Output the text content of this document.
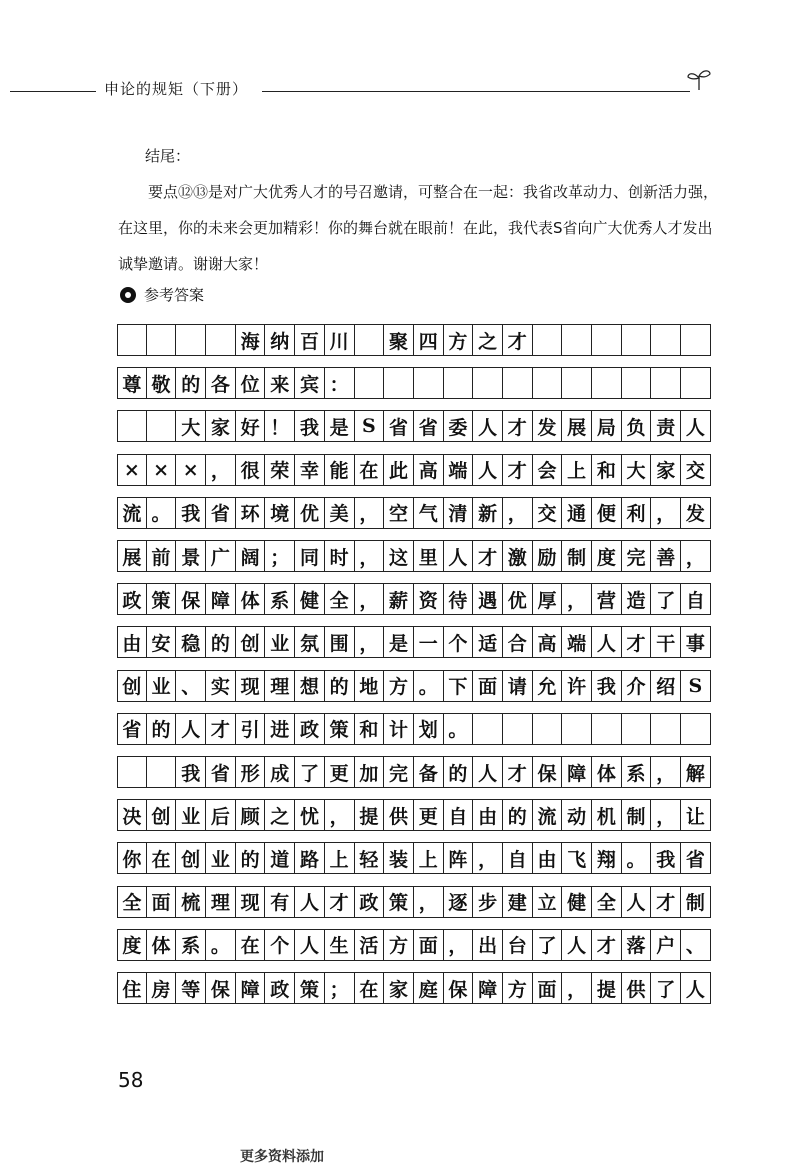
申论的规矩（下册）
结尾：
要点⑫⑬是对广大优秀人才的号召邀请，可整合在一起：我省改革动力、创新活力强，在这里，你的未来会更加精彩！你的舞台就在眼前！在此，我代表S省向广大优秀人才发出诚挚邀请。谢谢大家！
参考答案
海 纳 百 川	聚 四 方 之 才
尊 敬 的 各 位 来 宾 ：
大 家 好 ！ 我 是 S 省 省 委 人 才 发 展 局 负 责 人
× × × ， 很 荣 幸 能 在 此 高 端 人 才 会 上 和 大 家 交
流 。 我 省 环 境 优 美 ， 空 气 清 新 ， 交 通 便 利 ， 发
展 前 景 广 阔 ； 同 时 ， 这 里 人 才 激 励 制 度 完 善 ，
政 策 保 障 体 系 健 全 ， 薪 资 待 遇 优 厚 ， 营 造 了 自
由 安 稳 的 创 业 氛 围 ， 是 一 个 适 合 高 端 人 才 干 事
创 业 、 实 现 理 想 的 地 方 。 下 面 请 允 许 我 介 绍 S
省 的 人 才 引 进 政 策 和 计 划 。
我 省 形 成 了 更 加 完 备 的 人 才 保 障 体 系 ， 解
决 创 业 后 顾 之 忧 ， 提 供 更 自 由 的 流 动 机 制 ， 让
你 在 创 业 的 道 路 上 轻 装 上 阵 ， 自 由 飞 翔 。 我 省
全 面 梳 理 现 有 人 才 政 策 ， 逐 步 建 立 健 全 人 才 制
度 体 系 。 在 个 人 生 活 方 面 ， 出 台 了 人 才 落 户 、
住 房 等 保 障 政 策 ； 在 家 庭 保 障 方 面 ， 提 供 了 人
58
更多资料添加
